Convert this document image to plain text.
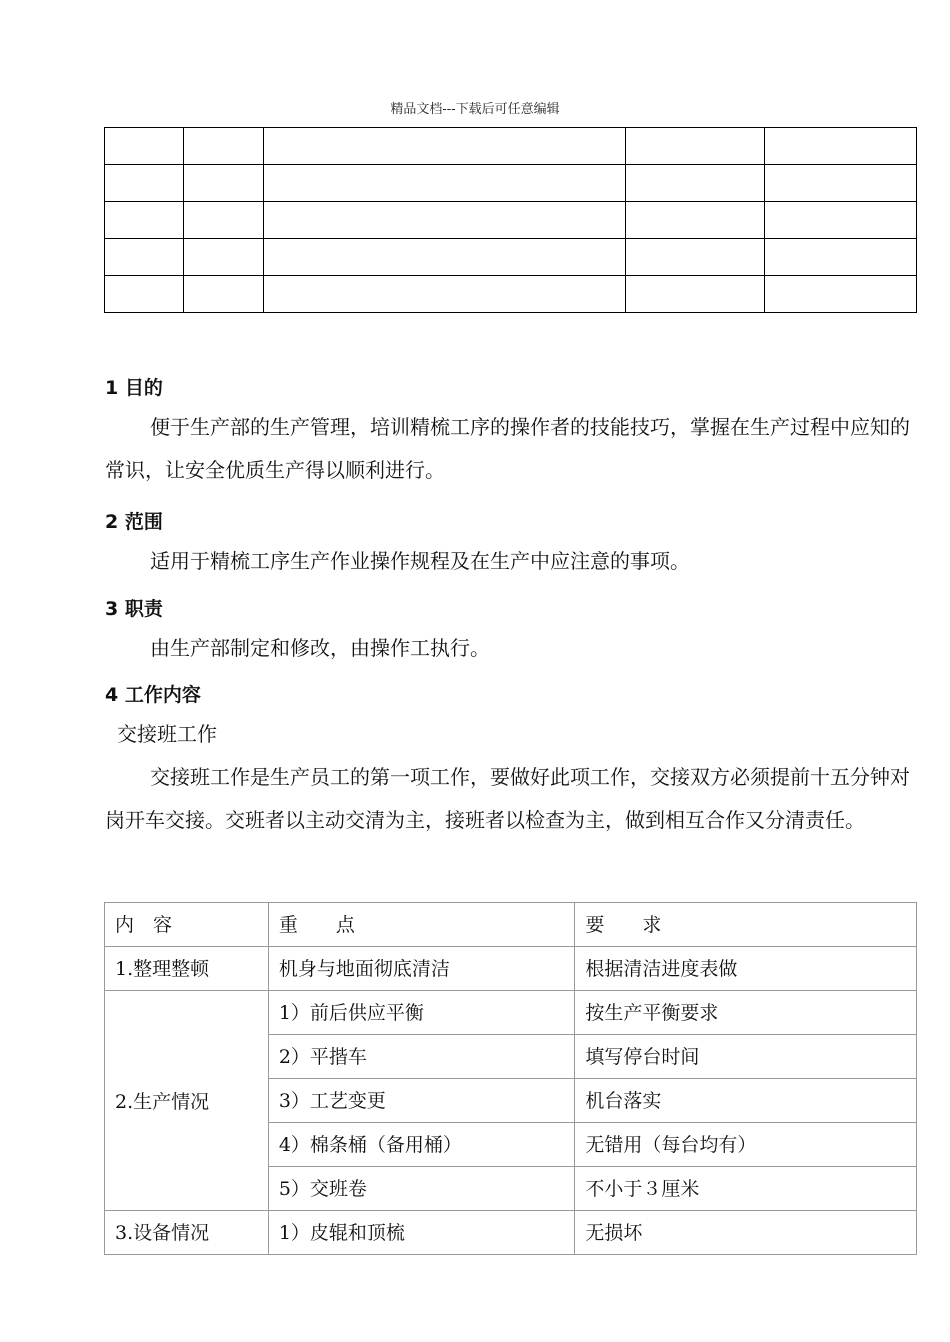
精品文档---下载后可任意编辑

1 目的
便于生产部的生产管理，培训精梳工序的操作者的技能技巧，掌握在生产过程中应知的常识，让安全优质生产得以顺利进行。
2 范围
适用于精梳工序生产作业操作规程及在生产中应注意的事项。
3 职责
由生产部制定和修改，由操作工执行。
4 工作内容
交接班工作
交接班工作是生产员工的第一项工作，要做好此项工作，交接双方必须提前十五分钟对岗开车交接。交班者以主动交清为主，接班者以检查为主，做到相互合作又分清责任。
内　容	重　　点	要　　求
1.整理整顿	机身与地面彻底清洁	根据清洁进度表做
2.生产情况	1）前后供应平衡	按生产平衡要求
	2）平揩车	填写停台时间
	3）工艺变更	机台落实
	4）棉条桶（备用桶）	无错用（每台均有）
	5）交班卷	不小于３厘米
3.设备情况	1）皮辊和顶梳	无损坏
